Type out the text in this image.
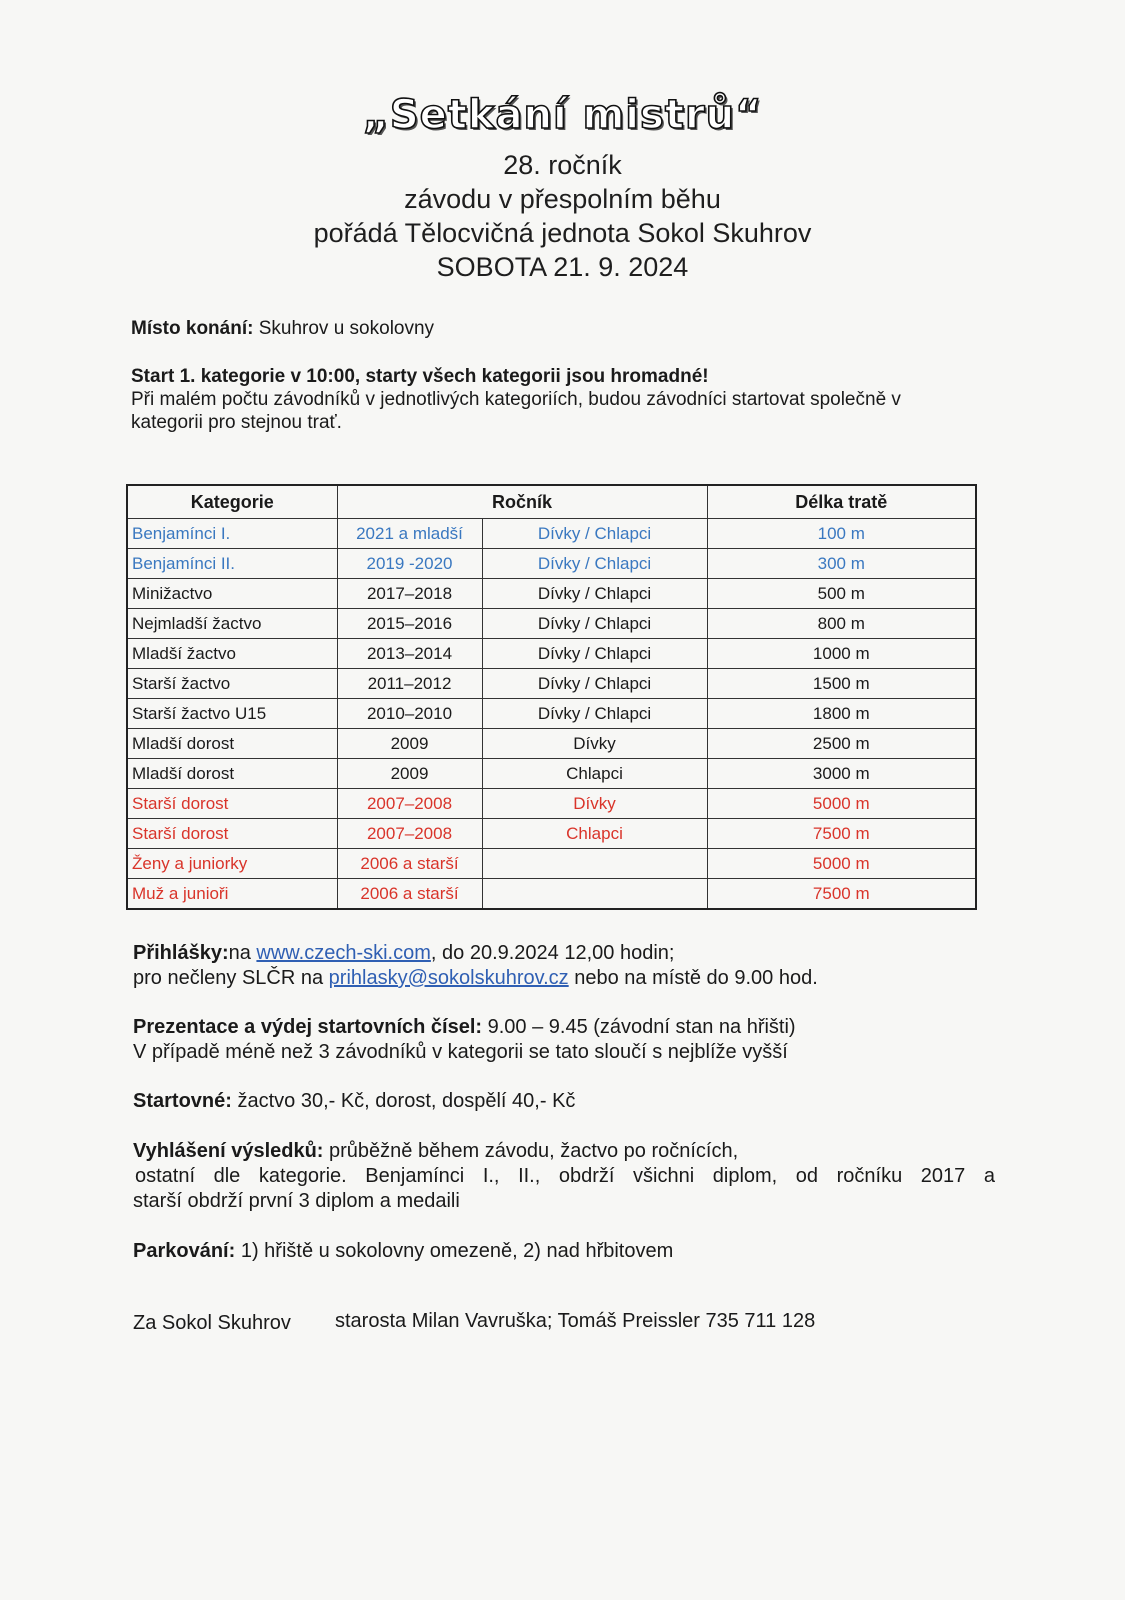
„Setkání mistrů“
28. ročník
závodu v přespolním běhu
pořádá Tělocvičná jednota Sokol Skuhrov
SOBOTA 21. 9. 2024
Místo konání: Skuhrov u sokolovny
Start 1. kategorie v 10:00, starty všech kategorii jsou hromadné!
Při malém počtu závodníků v jednotlivých kategoriích, budou závodníci startovat společně v
kategorii pro stejnou trať.
Kategorie	Ročník		Délka tratě
Benjamínci I.	2021 a mladší	Dívky / Chlapci	100 m
Benjamínci II.	2019 -2020	Dívky / Chlapci	300 m
Minižactvo	2017–2018	Dívky / Chlapci	500 m
Nejmladší žactvo	2015–2016	Dívky / Chlapci	800 m
Mladší žactvo	2013–2014	Dívky / Chlapci	1000 m
Starší žactvo	2011–2012	Dívky / Chlapci	1500 m
Starší žactvo U15	2010–2010	Dívky / Chlapci	1800 m
Mladší dorost	2009	Dívky	2500 m
Mladší dorost	2009	Chlapci	3000 m
Starší dorost	2007–2008	Dívky	5000 m
Starší dorost	2007–2008	Chlapci	7500 m
Ženy a juniorky	2006 a starší		5000 m
Muž a junioři	2006 a starší		7500 m
Přihlášky:na www.czech-ski.com, do 20.9.2024 12,00 hodin;
pro nečleny SLČR na prihlasky@sokolskuhrov.cz nebo na místě do 9.00 hod.
Prezentace a výdej startovních čísel: 9.00 – 9.45 (závodní stan na hřišti)
V případě méně než 3 závodníků v kategorii se tato sloučí s nejblíže vyšší
Startovné: žactvo 30,- Kč, dorost, dospělí 40,- Kč
Vyhlášení výsledků: průběžně během závodu, žactvo po ročnících,
ostatní dle kategorie. Benjamínci I., II., obdrží všichni diplom, od ročníku 2017 a
starší obdrží první 3 diplom a medaili
Parkování: 1) hřiště u sokolovny omezeně, 2) nad hřbitovem
Za Sokol Skuhrov starosta Milan Vavruška; Tomáš Preissler 735 711 128
